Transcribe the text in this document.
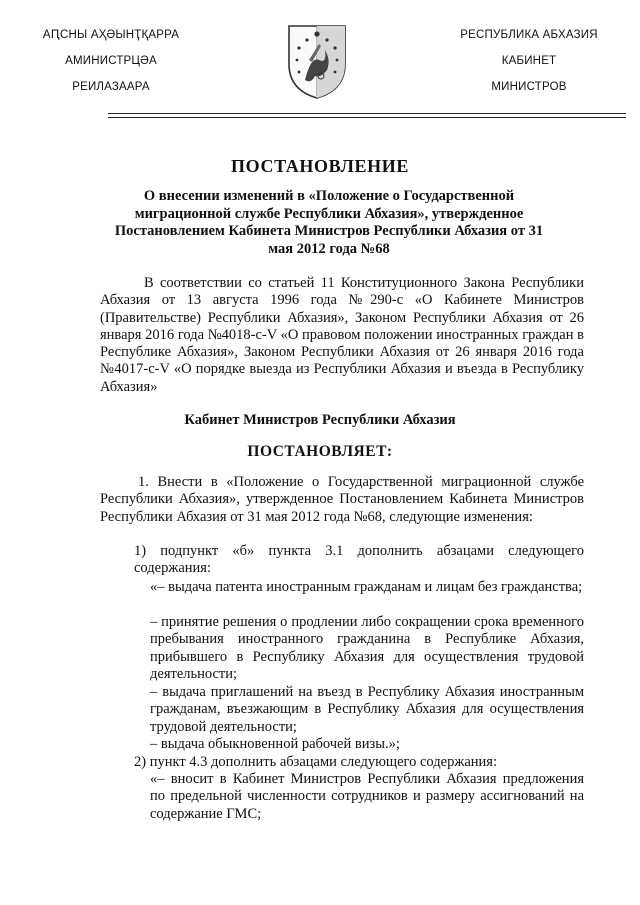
АԤСНЫ АҲӘЫНҬҚАРРА
АМИНИСТРЦӘА
РЕИЛАЗААРА
РЕСПУБЛИКА АБХАЗИЯ
КАБИНЕТ
МИНИСТРОВ
ПОСТАНОВЛЕНИЕ
О внесении изменений в «Положение о Государственной миграционной службе Республики Абхазия», утвержденное Постановлением Кабинета Министров Республики Абхазия от 31 мая 2012 года №68
В соответствии со статьей 11 Конституционного Закона Республики Абхазия от 13 августа 1996 года №290-с «О Кабинете Министров (Правительстве) Республики Абхазия», Законом Республики Абхазия от 26 января 2016 года №4018-с-V «О правовом положении иностранных граждан в Республике Абхазия», Законом Республики Абхазия от 26 января 2016 года №4017-с-V «О порядке выезда из Республики Абхазия и въезда в Республику Абхазия»
Кабинет Министров Республики Абхазия
ПОСТАНОВЛЯЕТ:
1. Внести в «Положение о Государственной миграционной службе Республики Абхазия», утвержденное Постановлением Кабинета Министров Республики Абхазия от 31 мая 2012 года №68, следующие изменения:
1) подпункт «б» пункта 3.1 дополнить абзацами следующего содержания:
«– выдача патента иностранным гражданам и лицам без гражданства;
– принятие решения о продлении либо сокращении срока временного пребывания иностранного гражданина в Республике Абхазия, прибывшего в Республику Абхазия для осуществления трудовой деятельности;
– выдача приглашений на въезд в Республику Абхазия иностранным гражданам, въезжающим в Республику Абхазия для осуществления трудовой деятельности;
– выдача обыкновенной рабочей визы.»;
2) пункт 4.3 дополнить абзацами следующего содержания:
«– вносит в Кабинет Министров Республики Абхазия предложения по предельной численности сотрудников и размеру ассигнований на содержание ГМС;
